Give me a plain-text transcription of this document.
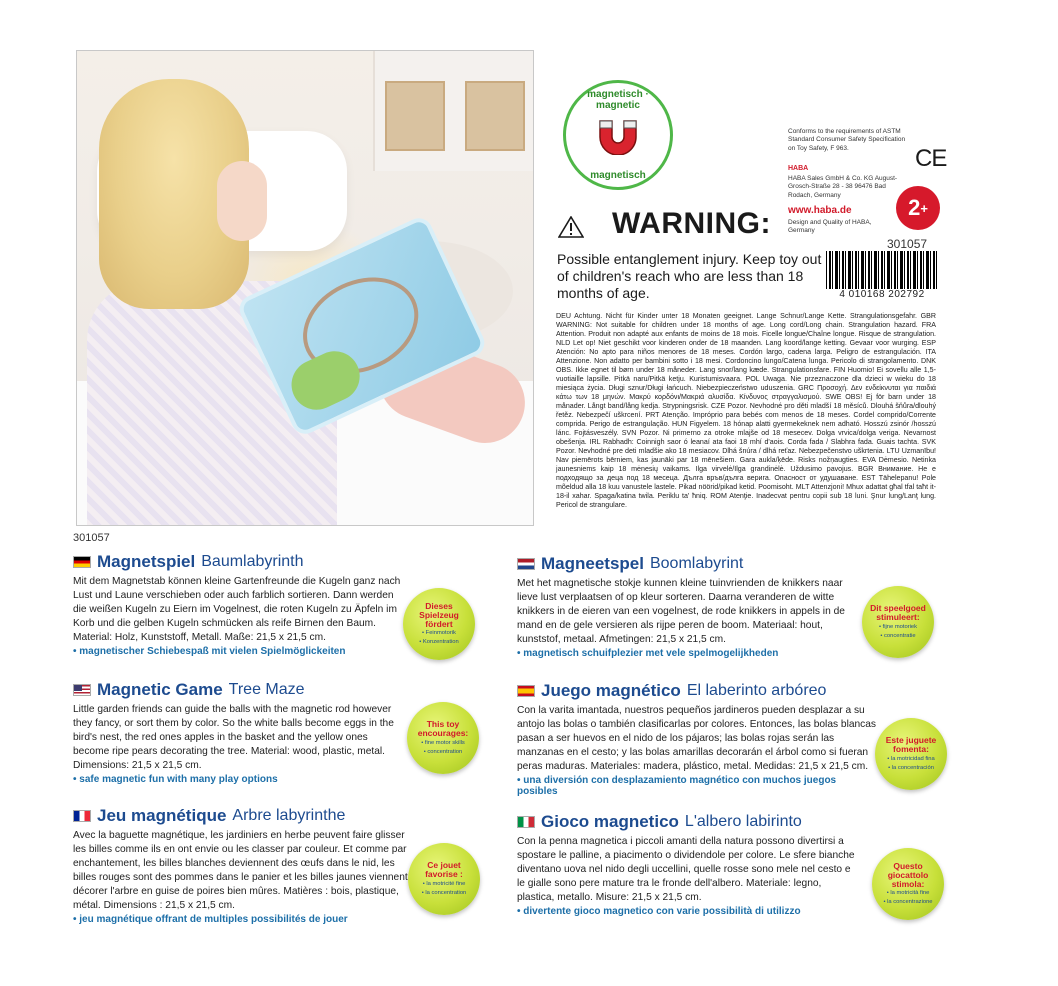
magnetisch · magnetic
magnetisch
Conforms to the requirements of ASTM Standard Consumer Safety Specification on Toy Safety, F 963.	CE
HABA
HABA Sales GmbH & Co. KG August-Grosch-Straße 28 - 38 96476 Bad Rodach, Germany
www.haba.de
Design and Quality of HABA, Germany
2 +
301057
4 010168 202792
WARNING:
Possible entanglement injury. Keep toy out of children's reach who are less than 18 months of age.
DEU Achtung. Nicht für Kinder unter 18 Monaten geeignet. Lange Schnur/Lange Kette. Strangulationsgefahr. GBR WARNING: Not suitable for children under 18 months of age. Long cord/Long chain. Strangulation hazard. FRA Attention. Produit non adapté aux enfants de moins de 18 mois. Ficelle longue/Chaîne longue. Risque de strangulation. NLD Let op! Niet geschikt voor kinderen onder de 18 maanden. Lang koord/lange ketting. Gevaar voor wurging. ESP Atención: No apto para niños menores de 18 meses. Cordón largo, cadena larga. Peligro de estrangulación. ITA Attenzione. Non adatto per bambini sotto i 18 mesi. Cordoncino lungo/Catena lunga. Pericolo di strangolamento. DNK OBS. Ikke egnet til børn under 18 måneder. Lang snor/lang kæde. Strangulationsfare. FIN Huomio! Ei sovellu alle 1,5-vuotiaille lapsille. Pitkä naru/Pitkä ketju. Kuristumisvaara. POL Uwaga. Nie przeznaczone dla dzieci w wieku do 18 miesiąca życia. Długi sznur/Długi łańcuch. Niebezpieczeństwo uduszenia. GRC Προσοχή. Δεν ενδείκνυται για παιδιά κάτω των 18 μηνών. Μακρύ κορδόνι/Μακριά αλυσίδα. Κίνδυνος στραγγαλισμού. SWE OBS! Ej för barn under 18 månader. Långt band/lång kedja. Strypningsrisk. CZE Pozor. Nevhodné pro děti mladší 18 měsíců. Dlouhá šňůra/dlouhý řetěz. Nebezpečí uškrcení. PRT Atenção. Impróprio para bebés com menos de 18 meses. Cordel comprido/Corrente comprida. Perigo de estrangulação. HUN Figyelem. 18 hónap alatti gyermekeknek nem adható. Hosszú zsinór /hosszú lánc. Fojtásveszély. SVN Pozor. Ni primerno za otroke mlajše od 18 mesecev. Dolga vrvica/dolga veriga. Nevarnost obešenja. IRL Rabhadh: Coinnigh saor ó leanaí ata faoi 18 mhí d'aois. Corda fada / Slabhra fada. Guais tachta. SVK Pozor. Nevhodné pre deti mladšie ako 18 mesiacov. Dlhá šnúra / dlhá reťaz. Nebezpečenstvo uškrtenia. LTU Uzmanību! Nav piemērots bērniem, kas jaunāki par 18 mēnešiem. Gara auklа/ķēde. Risks nožņaugties. EVA Dėmesio. Netinka jaunesniems kaip 18 mėnesių vaikams. Ilga virvelė/Ilga grandinėlė. Uždusimo pavojus. BGR Внимание. Не е подходящо за деца под 18 месеца. Дълга връв/дълга верига. Опасност от удушаване. EST Tähelepanu! Pole mõeldud alla 18 kuu vanustele lastele. Pikad nöörid/pikad ketid. Poomisoht. MLT Attenzjoni! Mhux adattat għal tfal taħt it-18-il xahar. Spaga/katina twila. Periklu ta' ħniq. ROM Atenţie. Inadecvat pentru copii sub 18 luni. Şnur lung/Lanţ lung. Pericol de strangulare.
301057
Magnetspiel Baumlabyrinth
Mit dem Magnetstab können kleine Gartenfreunde die Kugeln ganz nach Lust und Laune verschieben oder auch farblich sortieren. Dann werden die weißen Kugeln zu Eiern im Vogelnest, die roten Kugeln zu Äpfeln im Korb und die gelben Kugeln schmücken als reife Birnen den Baum. Material: Holz, Kunststoff, Metall. Maße: 21,5 x 21,5 cm.
• magnetischer Schiebespaß mit vielen Spielmöglickeiten
Dieses Spielzeug fördert
• Feinmotorik
• Konzentration
Magneetspel Boomlabyrint
Met het magnetische stokje kunnen kleine tuinvrienden de knikkers naar lieve lust verplaatsen of op kleur sorteren. Daarna veranderen de witte knikkers in de eieren van een vogelnest, de rode knikkers in appels in de mand en de gele versieren als rijpe peren de boom. Materiaal: hout, kunststof, metaal. Afmetingen: 21,5 x 21,5 cm.
• magnetisch schuifplezier met vele spelmogelijkheden
Dit speelgoed stimuleert:
• fijne motoriek
• concentratie
Magnetic Game Tree Maze
Little garden friends can guide the balls with the magnetic rod however they fancy, or sort them by color. So the white balls become eggs in the bird's nest, the red ones apples in the basket and the yellow ones become ripe pears decorating the tree. Material: wood, plastic, metal. Dimensions: 21,5 x 21,5 cm.
• safe magnetic fun with many play options
This toy encourages:
• fine motor skills
• concentration
Juego magnético El laberinto arbóreo
Con la varita imantada, nuestros pequeños jardineros pueden desplazar a su antojo las bolas o también clasificarlas por colores. Entonces, las bolas blancas pasan a ser huevos en el nido de los pájaros; las bolas rojas serán las manzanas en el cesto; y las bolas amarillas decorarán el árbol como si fueran peras maduras. Materiales: madera, plástico, metal. Medidas: 21,5 x 21,5 cm.
• una diversión con desplazamiento magnético con muchos juegos posibles
Este juguete fomenta:
• la motricidad fina
• la concentración
Jeu magnétique Arbre labyrinthe
Avec la baguette magnétique, les jardiniers en herbe peuvent faire glisser les billes comme ils en ont envie ou les classer par couleur. Et comme par enchantement, les billes blanches deviennent des œufs dans le nid, les billes rouges sont des pommes dans le panier et les billes jaunes viennent décorer l'arbre en guise de poires bien mûres. Matières : bois, plastique, métal. Dimensions : 21,5 x 21,5 cm.
• jeu magnétique offrant de multiples possibilités de jouer
Ce jouet favorise :
• la motricité fine
• la concentration
Gioco magnetico L'albero labirinto
Con la penna magnetica i piccoli amanti della natura possono divertirsi a spostare le palline, a piacimento o dividendole per colore. Le sfere bianche diventano uova nel nido degli uccellini, quelle rosse sono mele nel cesto e le gialle sono pere mature tra le fronde dell'albero. Materiale: legno, plastica, metallo. Misure: 21,5 x 21,5 cm.
• divertente gioco magnetico con varie possibilità di utilizzo
Questo giocattolo stimola:
• la motricità fine
• la concentrazione
